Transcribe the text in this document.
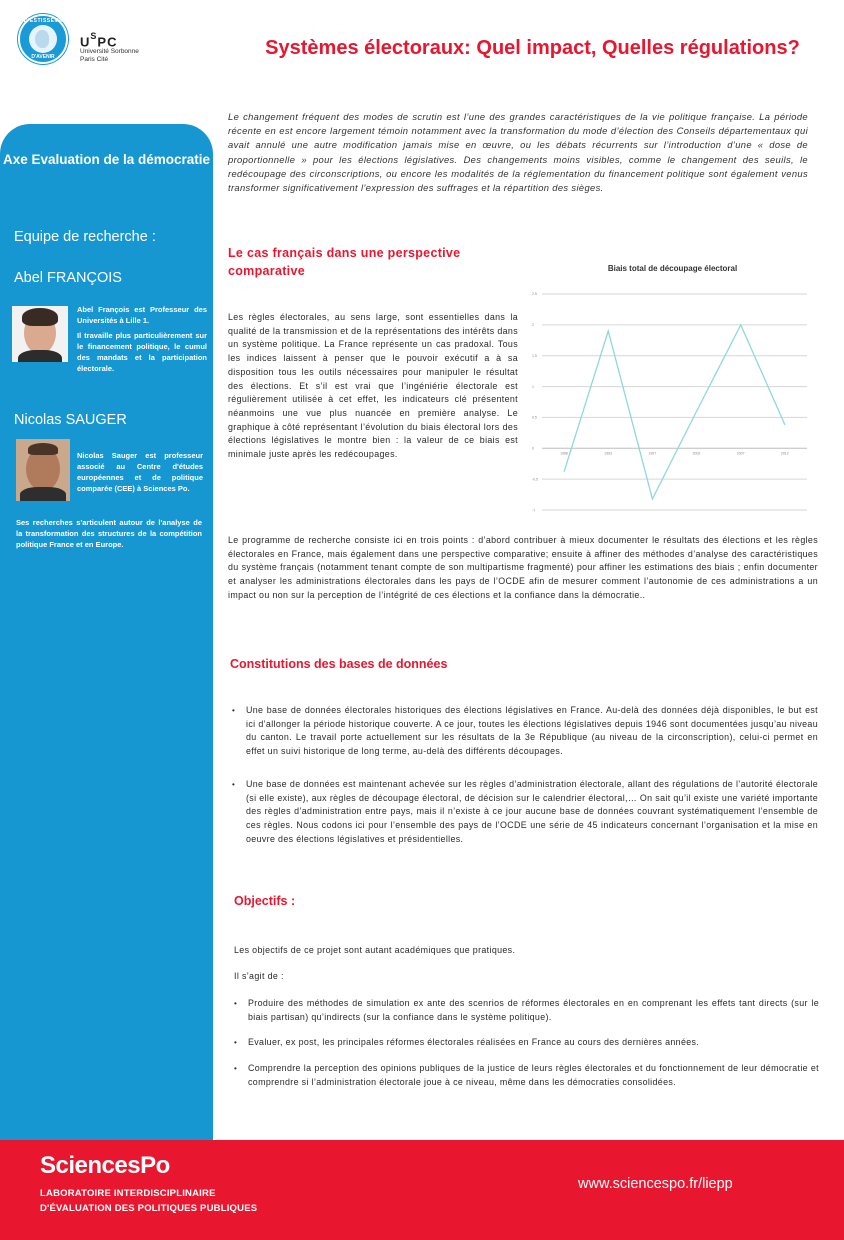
INVESTISSEMENTS
D'AVENIR
$U^SPC$
Université Sorbonne
Paris Cité
Systèmes électoraux: Quel impact, Quelles régulations?
Axe Evaluation de la démocratie
Equipe de recherche :
Abel FRANÇOIS
Abel François est Professeur des Universités à Lille 1.
Il travaille plus particulièrement sur le financement politique, le cumul des mandats et la participation électorale.
Nicolas SAUGER
Nicolas Sauger est professeur associé au Centre d'études européennes et de politique comparée (CEE) à Sciences Po.
Ses recherches s'articulent autour de l'analyse de la transformation des structures de la compétition politique France et en Europe.

Le changement fréquent des modes de scrutin est l’une des grandes caractéristiques de la vie politique française. La période récente en est encore largement témoin notamment avec la transformation du mode d’élection des Conseils départementaux qui avait annulé une autre modification jamais mise en œuvre, ou les débats récurrents sur l’introduction d’une « dose de proportionnelle » pour les élections législatives. Des changements moins visibles, comme le changement des seuils, le redécoupage des circonscriptions, ou encore les modalités de la réglementation du financement politique sont également venus transformer significativement l’expression des suffrages et la répartition des sièges.

Le cas français dans une perspective comparative

Les règles électorales, au sens large, sont essentielles dans la qualité de la transmission et de la représentations des intérêts dans un système politique. La France représente un cas pradoxal. Tous les indices laissent à penser que le pouvoir exécutif a à sa disposition tous les outils nécessaires pour manipuler le résultat des élections. Et s’il est vrai que l’ingéniérie électorale est régulièrement utilisée à cet effet, les indicateurs clé présentent néanmoins une vue plus nuancée en première analyse. Le graphique à côté représentant l’évolution du biais électoral lors des élections législatives le montre bien : la valeur de ce biais est minimale juste après les redécoupages.

2.5
2
1.5
1
0.5
0
-0.5
-1
1988	1993	1997	2002	2007	2012
Biais total de découpage électoral

Le programme de recherche consiste ici en trois points : d’abord contribuer à mieux documenter le résultats des élections et les règles électorales en France, mais également dans une perspective comparative; ensuite à affiner des méthodes d’analyse des caractéristiques du système français (notamment tenant compte de son multipartisme fragmenté) pour affiner les estimations des biais ; enfin documenter et analyser les administrations électorales dans les pays de l’OCDE afin de mesurer comment l’autonomie de ces administrations a un impact ou non sur la perception de l’intégrité de ces élections et la confiance dans la démocratie..

Constitutions des bases de données
• Une base de données électorales historiques des élections législatives en France. Au-delà des données déjà disponibles, le but est ici d’allonger la période historique couverte. A ce jour, toutes les élections législatives depuis 1946 sont documentées jusqu’au niveau du canton. Le travail porte actuellement sur les résultats de la 3e République (au niveau de la circonscription), celui-ci permet en effet un suivi historique de long terme, au-delà des différents découpages.
• Une base de données est maintenant achevée sur les règles d’administration électorale, allant des régulations de l’autorité électorale (si elle existe), aux règles de découpage électoral, de décision sur le calendrier électoral,… On sait qu’il existe une variété importante des règles d’administration entre pays, mais il n’existe à ce jour aucune base de données couvrant systématiquement l’ensemble de ces règles. Nous codons ici pour l’ensemble des pays de l’OCDE une série de 45 indicateurs concernant l’organisation et la mise en oeuvre des élections législatives et présidentielles.
Objectifs :

Les objectifs de ce projet sont autant académiques que pratiques.

Il s’agit de :

• Produire des méthodes de simulation ex ante des scenrios de réformes électorales en en comprenant les effets tant directs (sur le biais partisan) qu’indirects (sur la confiance dans le système politique).
• Evaluer, ex post, les principales réformes électorales réalisées en France au cours des dernières années.
• Comprendre la perception des opinions publiques de la justice de leurs règles électorales et du fonctionnement de leur démocratie et comprendre si l’administration électorale joue à ce niveau, même dans les démocraties consolidées.
SciencesPo
LABORATOIRE INTERDISCIPLINAIRE
D'ÉVALUATION DES POLITIQUES PUBLIQUES
www.sciencespo.fr/liepp
